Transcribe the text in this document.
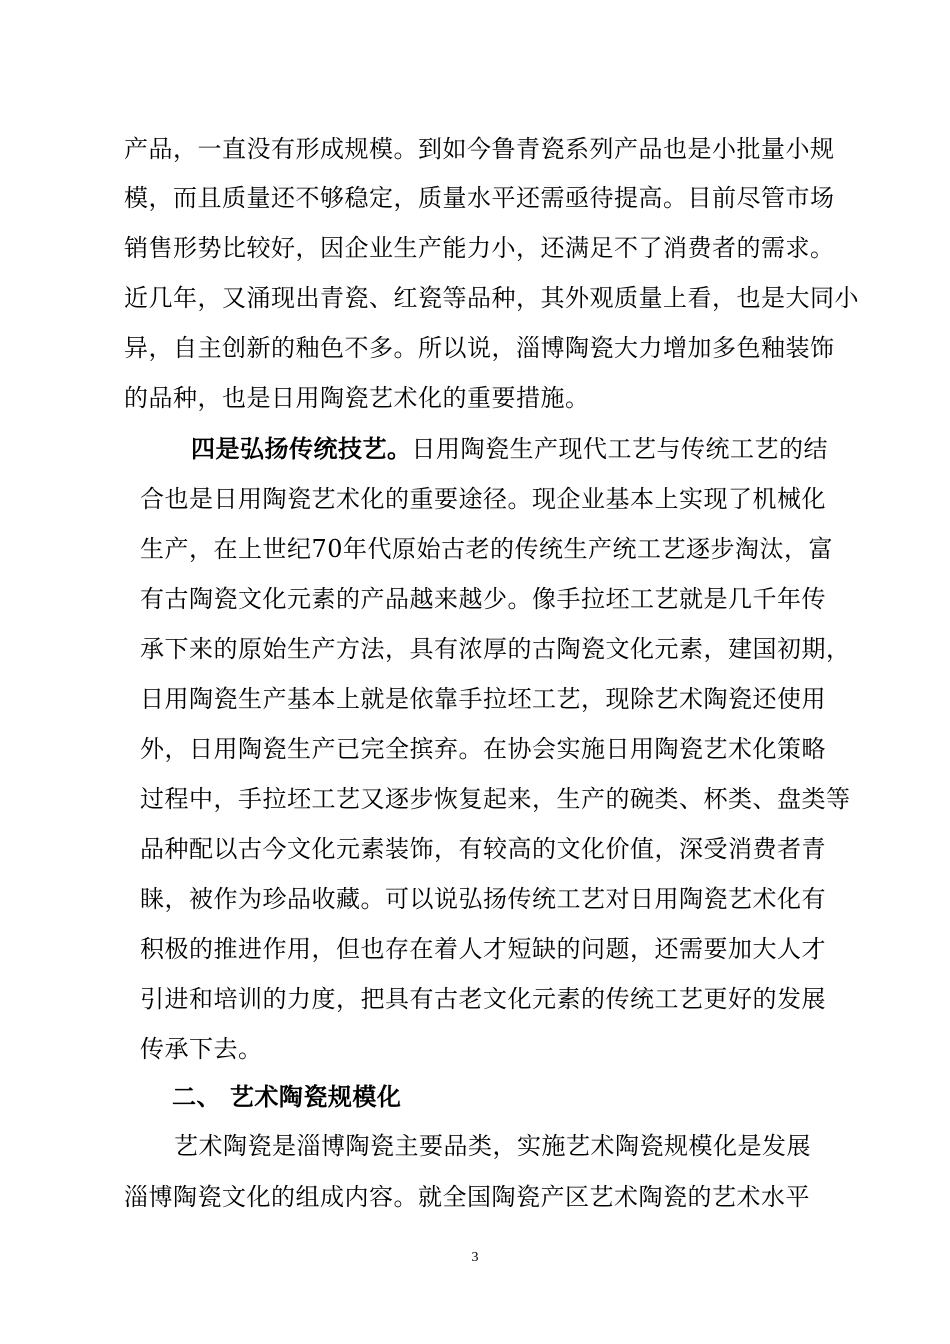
产品，一直没有形成规模。到如今鲁青瓷系列产品也是小批量小规
模，而且质量还不够稳定，质量水平还需亟待提高。目前尽管市场
销售形势比较好，因企业生产能力小，还满足不了消费者的需求。
近几年，又涌现出青瓷、红瓷等品种，其外观质量上看，也是大同小
异，自主创新的釉色不多。所以说，淄博陶瓷大力增加多色釉装饰
的品种，也是日用陶瓷艺术化的重要措施。
四是弘扬传统技艺。日用陶瓷生产现代工艺与传统工艺的结
合也是日用陶瓷艺术化的重要途径。现企业基本上实现了机械化
生产，在上世纪70年代原始古老的传统生产统工艺逐步淘汰，富
有古陶瓷文化元素的产品越来越少。像手拉坯工艺就是几千年传
承下来的原始生产方法，具有浓厚的古陶瓷文化元素，建国初期，
日用陶瓷生产基本上就是依靠手拉坯工艺，现除艺术陶瓷还使用
外，日用陶瓷生产已完全摈弃。在协会实施日用陶瓷艺术化策略
过程中，手拉坯工艺又逐步恢复起来，生产的碗类、杯类、盘类等
品种配以古今文化元素装饰，有较高的文化价值，深受消费者青
睐，被作为珍品收藏。可以说弘扬传统工艺对日用陶瓷艺术化有
积极的推进作用，但也存在着人才短缺的问题，还需要加大人才
引进和培训的力度，把具有古老文化元素的传统工艺更好的发展
传承下去。
二、 艺术陶瓷规模化
艺术陶瓷是淄博陶瓷主要品类，实施艺术陶瓷规模化是发展
淄博陶瓷文化的组成内容。就全国陶瓷产区艺术陶瓷的艺术水平
3
